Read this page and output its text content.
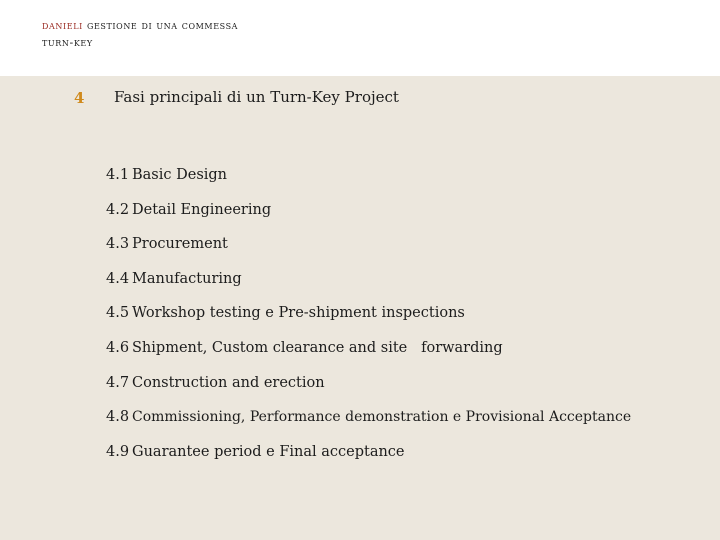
danieli gestione di una commessa
turn-key
4 Fasi principali di un Turn-Key Project
4.1 Basic Design
4.2 Detail Engineering
4.3 Procurement
4.4 Manufacturing
4.5 Workshop testing e Pre-shipment inspections
4.6 Shipment, Custom clearance and site   forwarding
4.7 Construction and erection
4.8 Commissioning, Performance demonstration e Provisional Acceptance
4.9 Guarantee period e Final acceptance
